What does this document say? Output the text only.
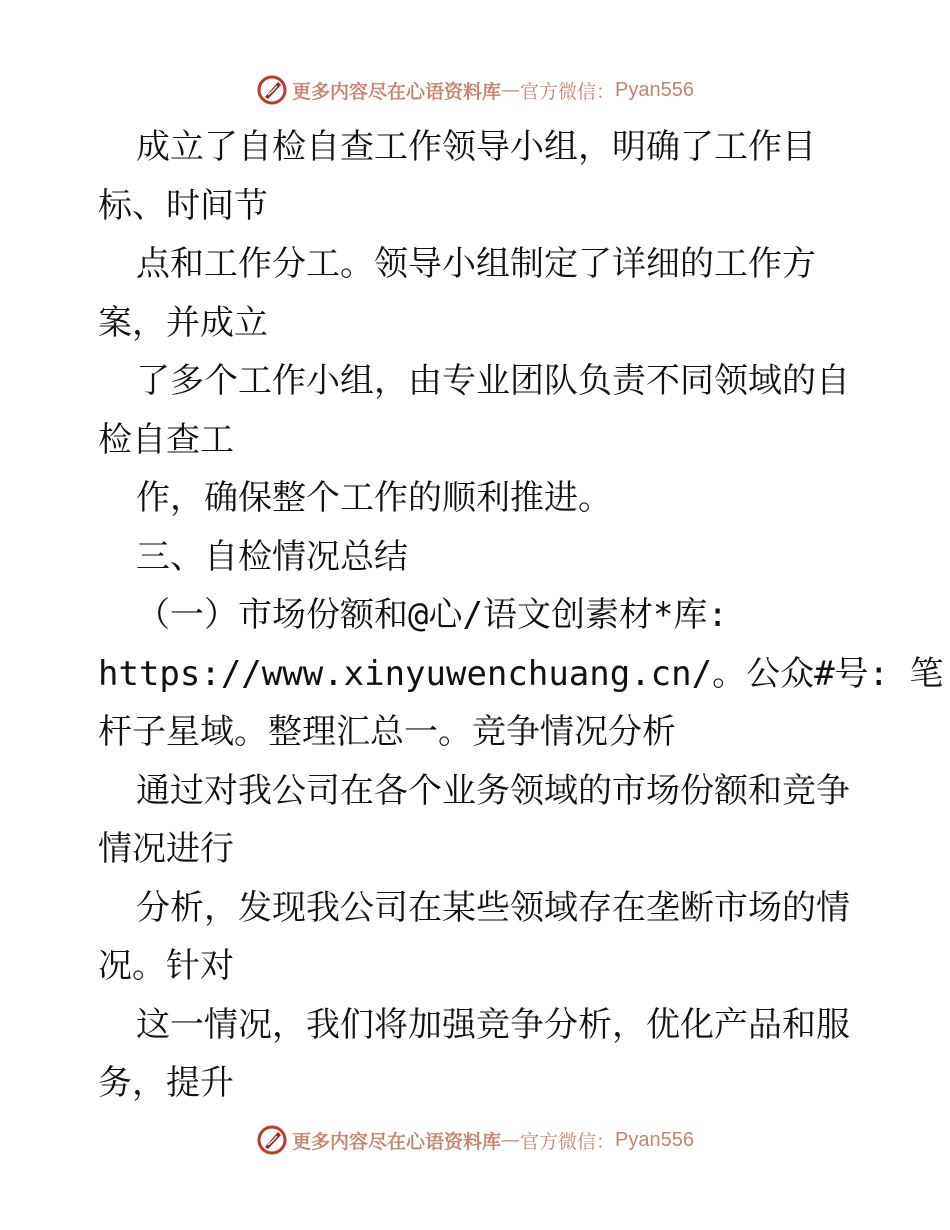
更多内容尽在心语资料库 — 官方微信： Pyan556
成立了自检自查工作领导小组，明确了工作目
标、时间节
点和工作分工。领导小组制定了详细的工作方
案，并成立
了多个工作小组，由专业团队负责不同领域的自
检自查工
作，确保整个工作的顺利推进。
三、自检情况总结
（一）市场份额和@心/语文创素材*库:
https://www.xinyuwenchuang.cn/。公众#号: 笔
杆子星域。整理汇总一。竞争情况分析
通过对我公司在各个业务领域的市场份额和竞争
情况进行
分析，发现我公司在某些领域存在垄断市场的情
况。针对
这一情况，我们将加强竞争分析，优化产品和服
务，提升
更多内容尽在心语资料库 — 官方微信： Pyan556
